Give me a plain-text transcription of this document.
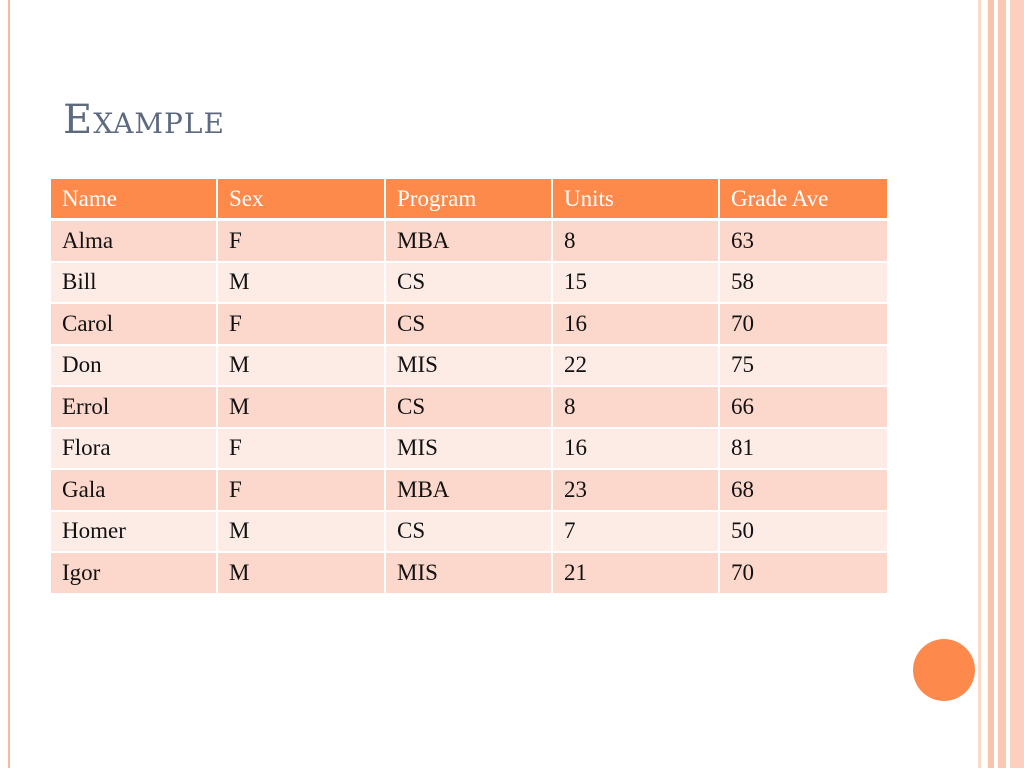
Example
Name	Sex	Program	Units	Grade Ave
Alma	F	MBA	8	63
Bill	M	CS	15	58
Carol	F	CS	16	70
Don	M	MIS	22	75
Errol	M	CS	8	66
Flora	F	MIS	16	81
Gala	F	MBA	23	68
Homer	M	CS	7	50
Igor	M	MIS	21	70
